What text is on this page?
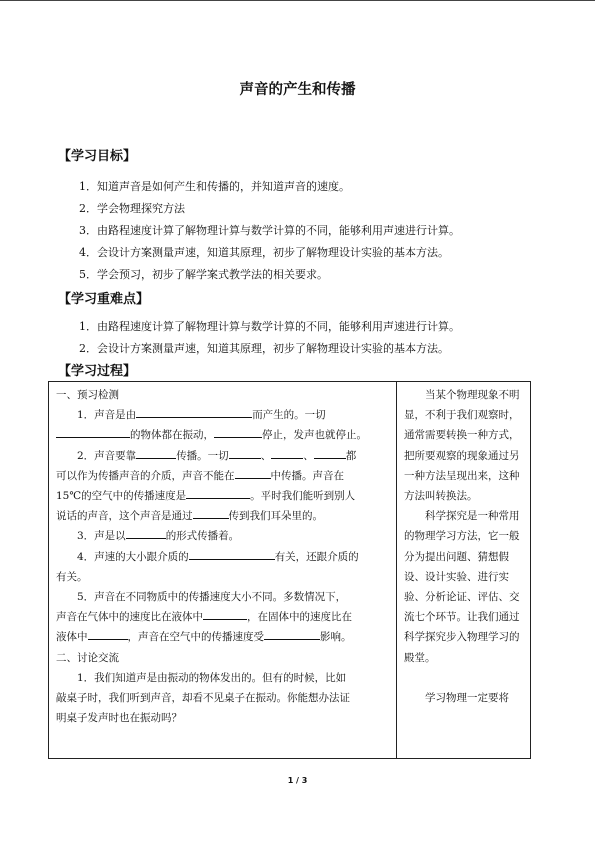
声音的产生和传播
【学习目标】
1．知道声音是如何产生和传播的，并知道声音的速度。
2．学会物理探究方法
3．由路程速度计算了解物理计算与数学计算的不同，能够利用声速进行计算。
4．会设计方案测量声速，知道其原理，初步了解物理设计实验的基本方法。
5．学会预习，初步了解学案式教学法的相关要求。
【学习重难点】
1．由路程速度计算了解物理计算与数学计算的不同，能够利用声速进行计算。
2．会设计方案测量声速，知道其原理，初步了解物理设计实验的基本方法。
【学习过程】
一、预习检测
1．声音是由	而产生的。一切
的物体都在振动，	停止，发声也就停止。
2．声音要靠	传播。一切	、	、	都
可以作为传播声音的介质，声音不能在	中传播。声音在
15℃的空气中的传播速度是	。平时我们能听到别人
说话的声音，这个声音是通过	传到我们耳朵里的。
3．声是以	的形式传播着。
4．声速的大小跟介质的	有关，还跟介质的
有关。
5．声音在不同物质中的传播速度大小不同。多数情况下，
声音在气体中的速度比在液体中	，在固体中的速度比在
液体中	，声音在空气中的传播速度受	影响。
二、讨论交流
1．我们知道声是由振动的物体发出的。但有的时候，比如
敲桌子时，我们听到声音，却看不见桌子在振动。你能想办法证
明桌子发声时也在振动吗？
当某个物理现象不明显，不利于我们观察时，通常需要转换一种方式，把所要观察的现象通过另一种方法呈现出来，这种方法叫转换法。
科学探究是一种常用的物理学习方法，它一般分为提出问题、猜想假设、设计实验、进行实验、分析论证、评估、交流七个环节。让我们通过科学探究步入物理学习的殿堂。
学习物理一定要将
1 / 3
